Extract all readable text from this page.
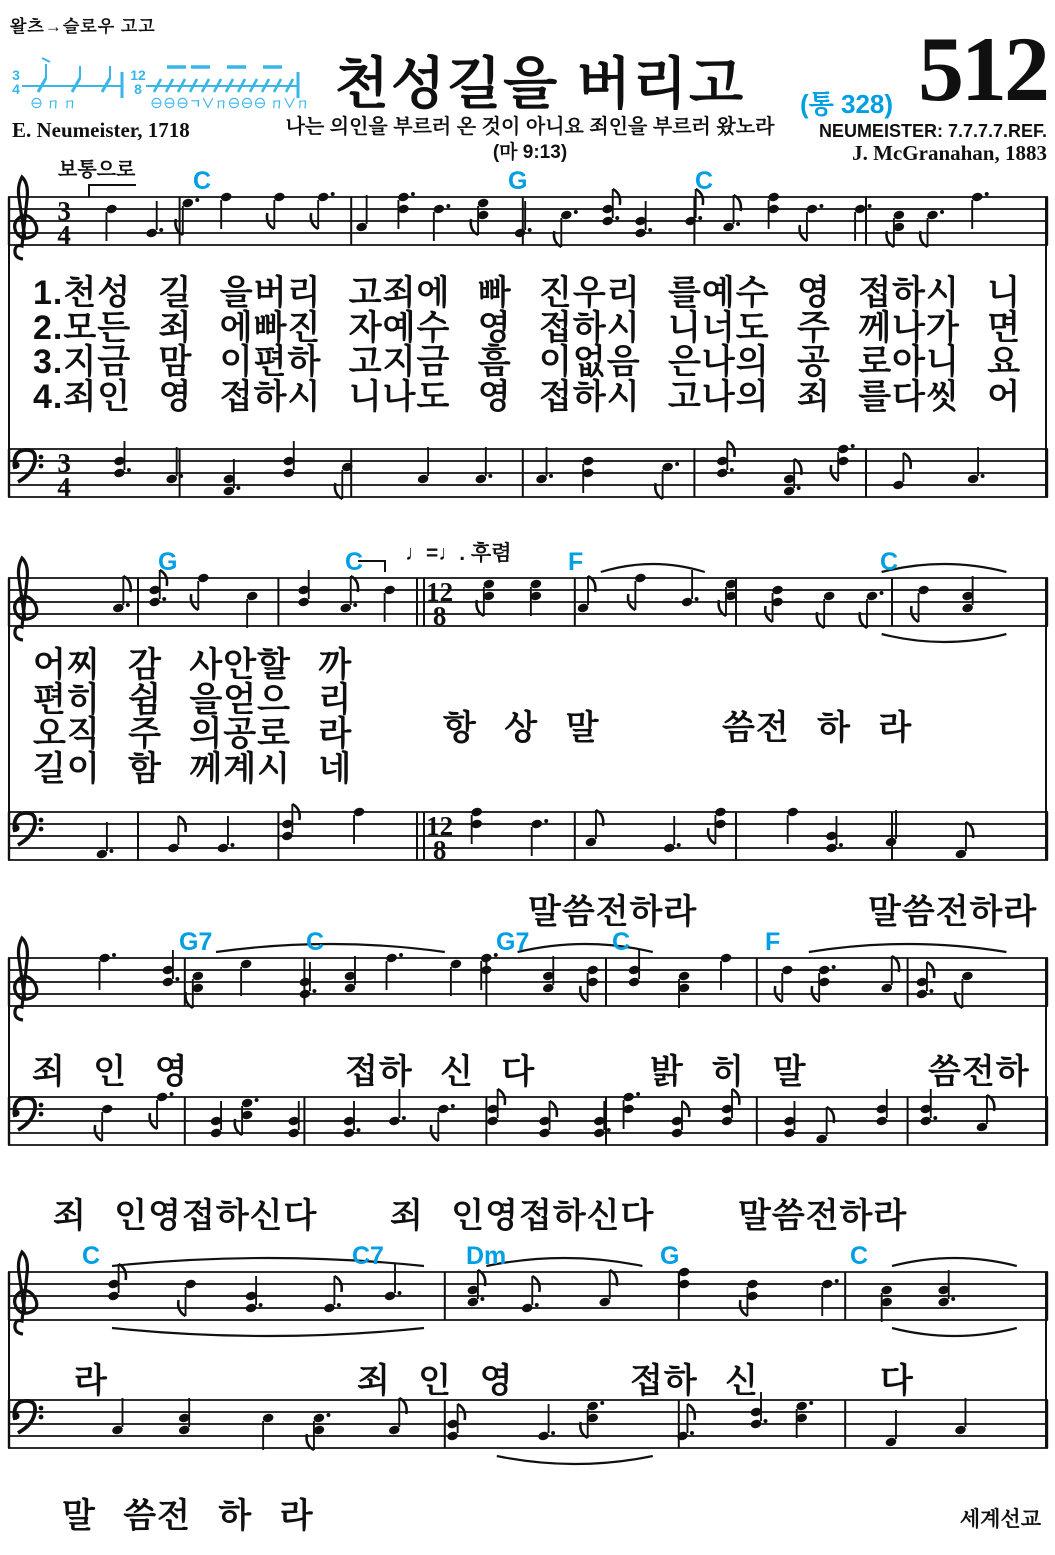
왈츠→슬로우 고고
3
4
⊖ ㄇ ㄇ
12
8
⊖⊖⊖ㄱ∨ㄇ⊖⊖⊖ ㄇ∨ㄇ
E. Neumeister, 1718
천성길을 버리고
나는 의인을 부르러 온 것이 아니요 죄인을 부르러 왔노라
(마 9:13)
(통 328) 512
NEUMEISTER: 7.7.7.7.REF.
J. McGranahan, 1883
보통으로
♩=♩. 후렴
세계선교
3
4
3
4
C	G	C
1.천성 길 을버리 고죄에 빠 진우리 를예수 영 접하시 니
2.모든 죄 에빠진 자예수 영 접하시 니너도 주 께나가 면
3.지금 맘 이편하 고지금 흠 이없음 은나의 공 로아니 요
4.죄인 영 접하시 니나도 영 접하시 고나의 죄 를다씻 어
12
8
12
8
G	C	F	C
어찌 감 사안할 까
편히 쉼 을얻으 리
오직 주 의공로 라
길이 함 께계시 네
항 상 말	씀전 하 라
말씀전하라	말씀전하라
G7	C	G7	C	F
죄 인 영	접하 신 다	밝 히 말	씀전하
죄 인영접하신다 죄 인영접하신다 말씀전하라
C	C7	Dm	G	C
라	죄 인 영	접하 신	다
말 씀전 하 라
